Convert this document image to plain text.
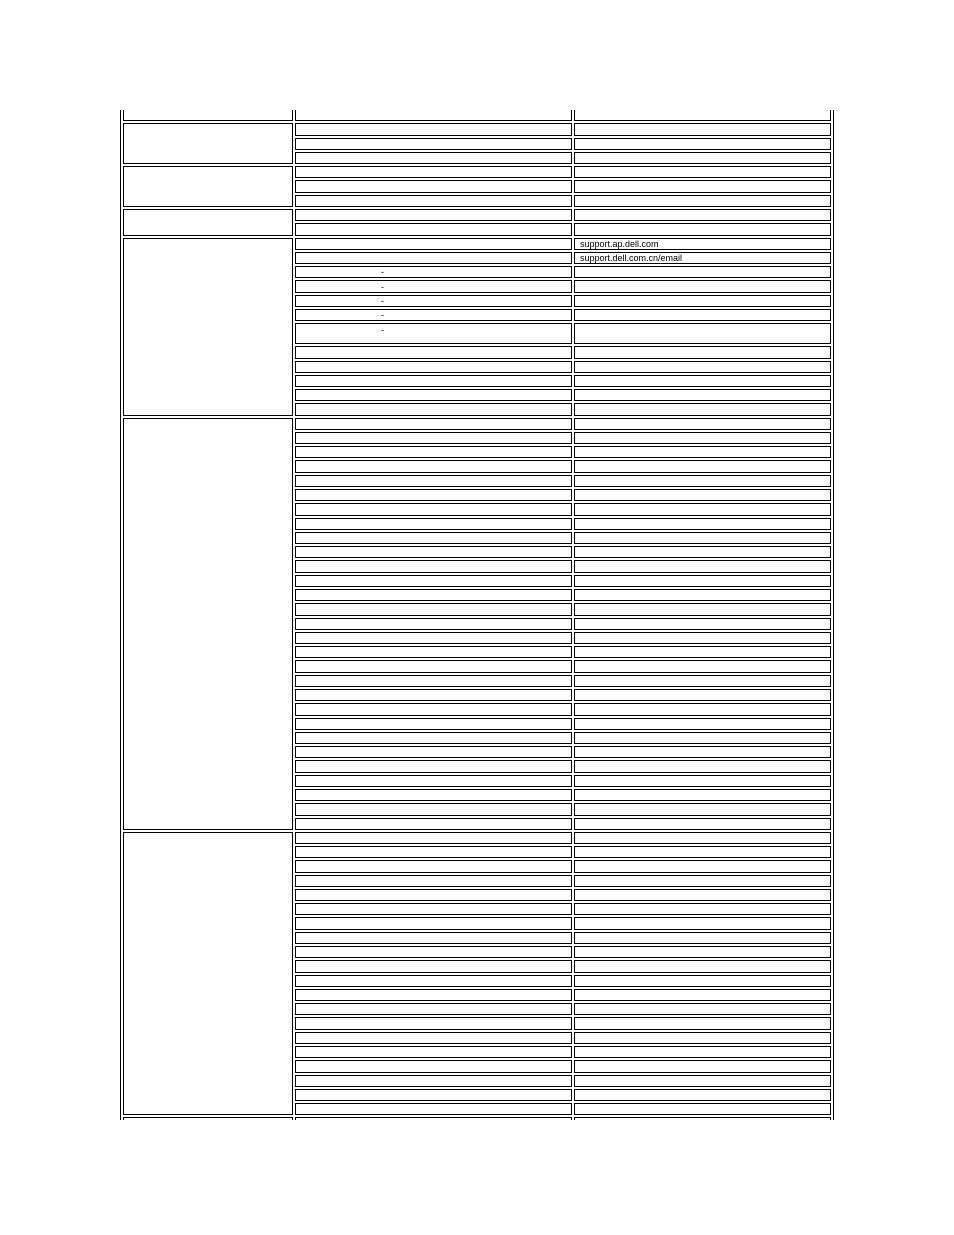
		support.ap.dell.com
		support.dell.com.cn/email
	-	
	-	
	-	
	-	
	-	
